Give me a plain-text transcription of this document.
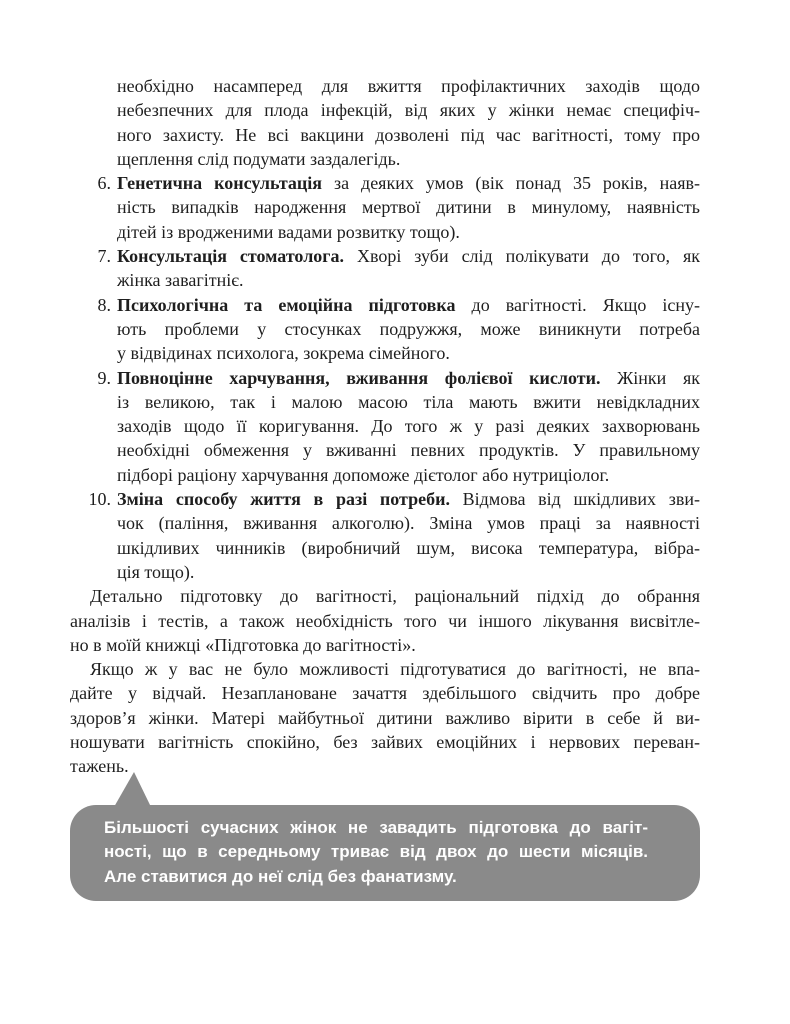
необхідно насамперед для вжиття профілактичних заходів щодо
небезпечних для плода інфекцій, від яких у жінки немає специфіч-
ного захисту. Не всі вакцини дозволені під час вагітності, тому про
щеплення слід подумати заздалегідь.
6. Генетична консультація за деяких умов (вік понад 35 років, наяв-
ність випадків народження мертвої дитини в минулому, наявність
дітей із вродженими вадами розвитку тощо).
7. Консультація стоматолога. Хворі зуби слід полікувати до того, як
жінка завагітніє.
8. Психологічна та емоційна підготовка до вагітності. Якщо існу-
ють проблеми у стосунках подружжя, може виникнути потреба
у відвідинах психолога, зокрема сімейного.
9. Повноцінне харчування, вживання фолієвої кислоти. Жінки як
із великою, так і малою масою тіла мають вжити невідкладних
заходів щодо її коригування. До того ж у разі деяких захворювань
необхідні обмеження у вживанні певних продуктів. У правильному
підборі раціону харчування допоможе дієтолог або нутриціолог.
10. Зміна способу життя в разі потреби. Відмова від шкідливих зви-
чок (паління, вживання алкоголю). Зміна умов праці за наявності
шкідливих чинників (виробничий шум, висока температура, вібра-
ція тощо).
Детально підготовку до вагітності, раціональний підхід до обрання
аналізів і тестів, а також необхідність того чи іншого лікування висвітле-
но в моїй книжці «Підготовка до вагітності».
Якщо ж у вас не було можливості підготуватися до вагітності, не впа-
дайте у відчай. Незаплановане зачаття здебільшого свідчить про добре
здоров’я жінки. Матері майбутньої дитини важливо вірити в себе й ви-
ношувати вагітність спокійно, без зайвих емоційних і нервових переван-
тажень.
Більшості сучасних жінок не завадить підготовка до вагіт-
ності, що в середньому триває від двох до шести місяців.
Але ставитися до неї слід без фанатизму.
